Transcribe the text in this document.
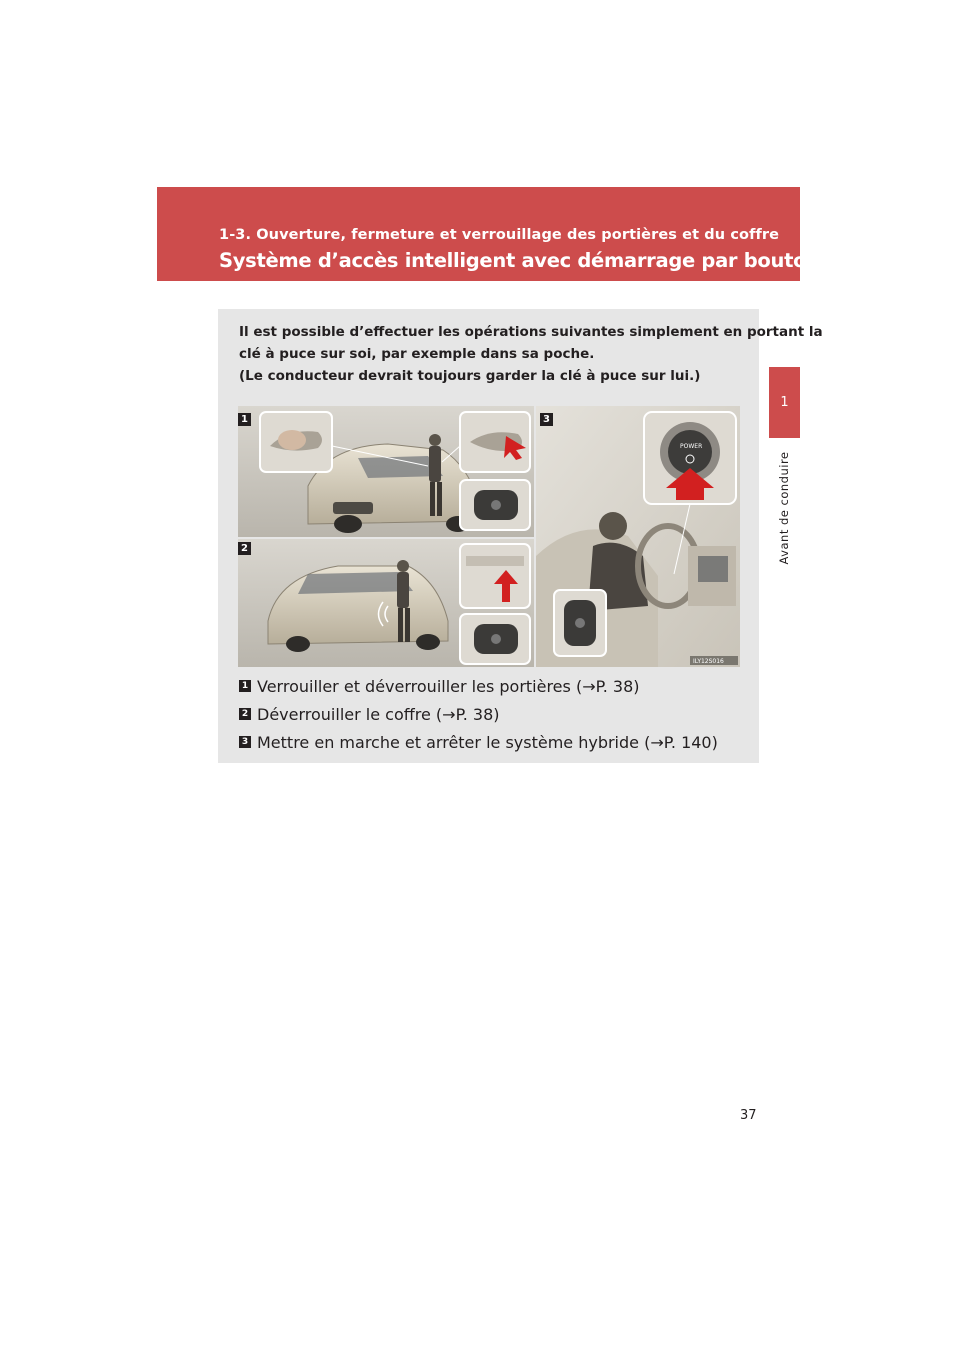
1-3. Ouverture, fermeture et verrouillage des portières et du coffre
Système d’accès intelligent avec démarrage par bouton-poussoir
1
Avant de conduire
Il est possible d’effectuer les opérations suivantes simplement en portant la
clé à puce sur soi, par exemple dans sa poche.
(Le conducteur devrait toujours garder la clé à puce sur lui.)
POWER
ILY12S016
1
2
3
1 Verrouiller et déverrouiller les portières (→P. 38)
2 Déverrouiller le coffre (→P. 38)
3 Mettre en marche et arrêter le système hybride (→P. 140)
37
